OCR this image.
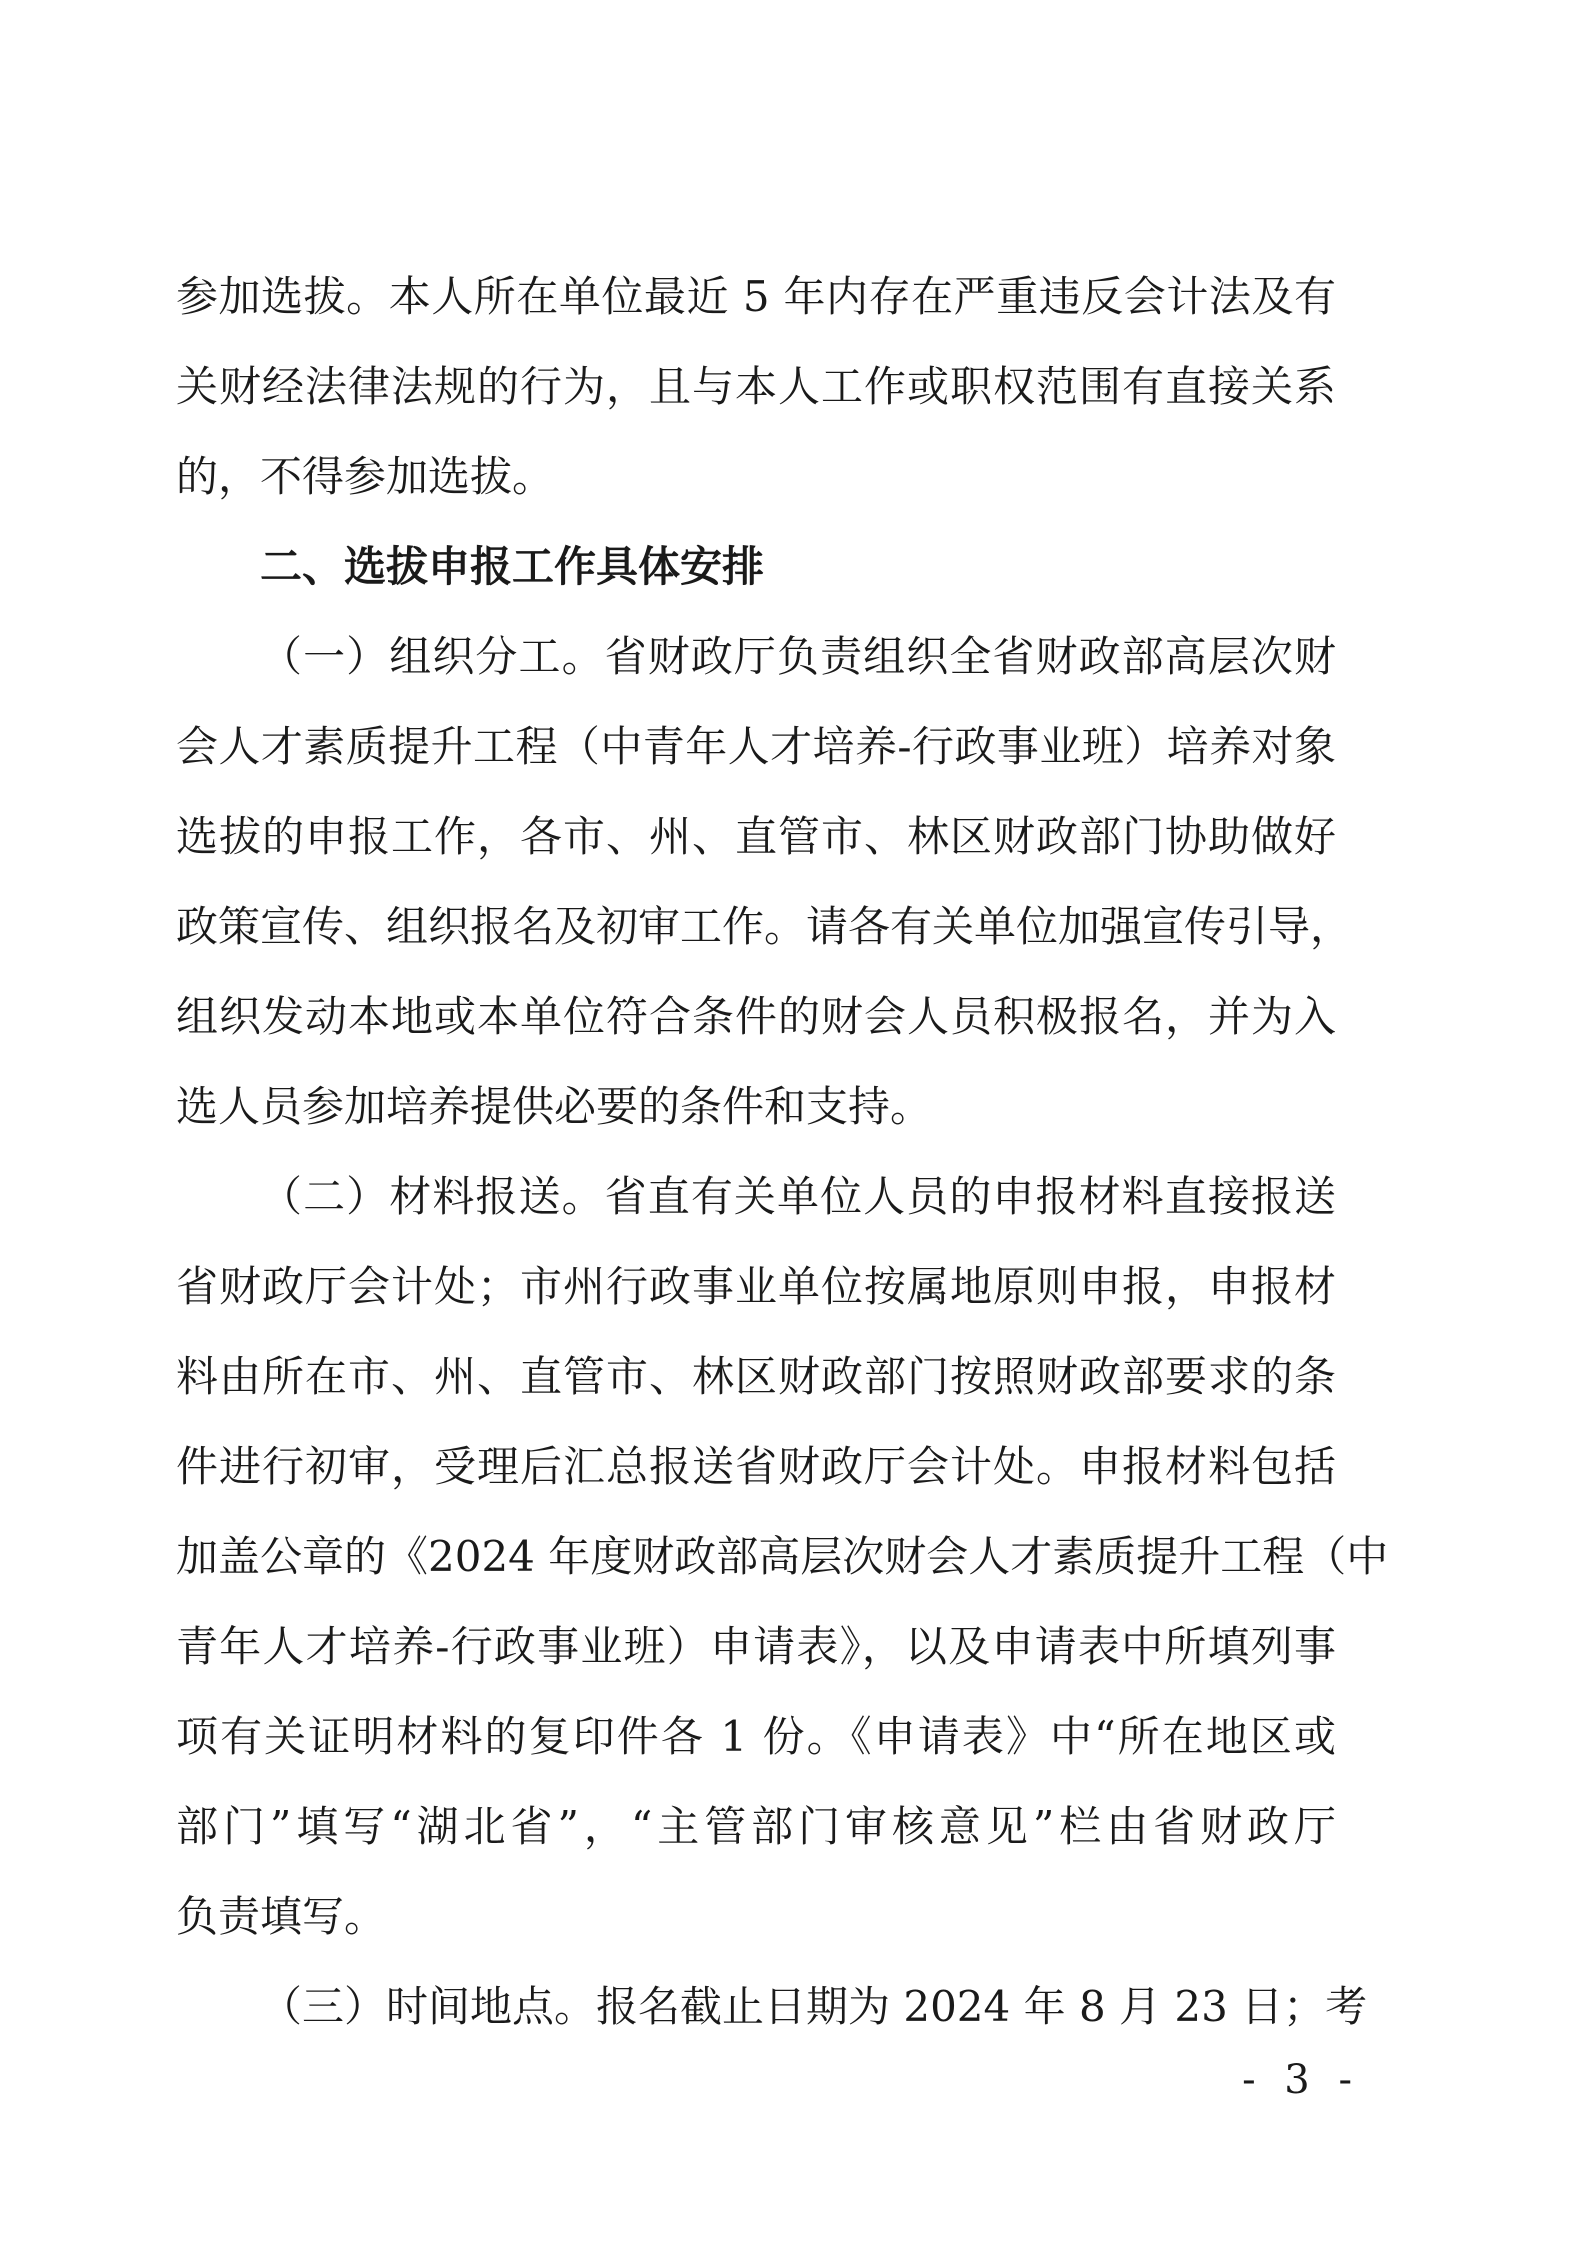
参加选拔。本人所在单位最近 5 年内存在严重违反会计法及有
关财经法律法规的行为，且与本人工作或职权范围有直接关系
的，不得参加选拔。
二、选拔申报工作具体安排
（一）组织分工。省财政厅负责组织全省财政部高层次财
会人才素质提升工程（中青年人才培养-行政事业班）培养对象
选拔的申报工作，各市、州、直管市、林区财政部门协助做好
政策宣传、组织报名及初审工作。请各有关单位加强宣传引导，
组织发动本地或本单位符合条件的财会人员积极报名，并为入
选人员参加培养提供必要的条件和支持。
（二）材料报送。省直有关单位人员的申报材料直接报送
省财政厅会计处；市州行政事业单位按属地原则申报，申报材
料由所在市、州、直管市、林区财政部门按照财政部要求的条
件进行初审，受理后汇总报送省财政厅会计处。申报材料包括
加盖公章的《2024 年度财政部高层次财会人才素质提升工程（中
青年人才培养-行政事业班）申请表》，以及申请表中所填列事
项有关证明材料的复印件各 1 份。《申请表》中“所在地区或
部门”填写“湖北省”，“主管部门审核意见”栏由省财政厅
负责填写。
（三）时间地点。报名截止日期为 2024 年 8 月 23 日；考
- 3 -
